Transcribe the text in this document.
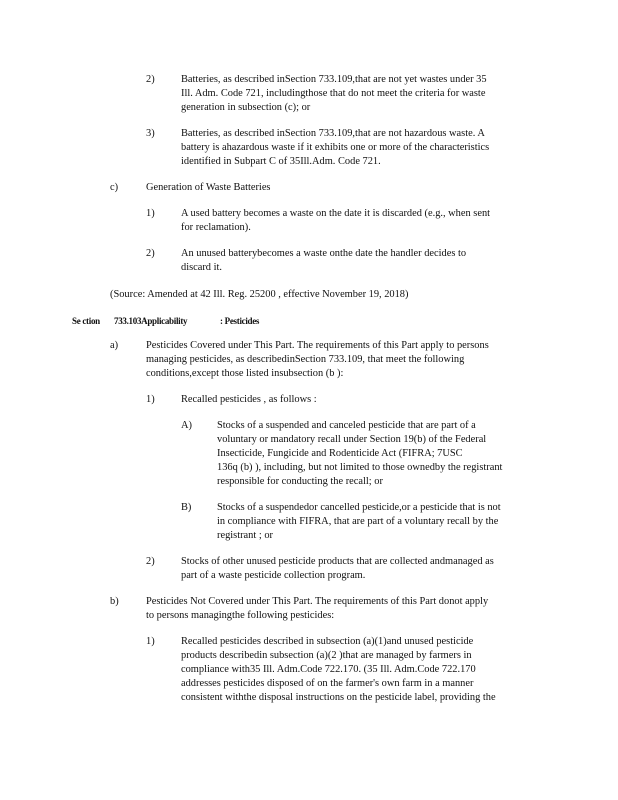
2)	Batteries, as described inSection 733.109,that are not yet wastes under 35
Ill. Adm. Code 721, includingthose that do not meet the criteria for waste
generation in subsection (c); or
3)	Batteries, as described inSection 733.109,that are not hazardous waste. A
battery is ahazardous waste if it exhibits one or more of the characteristics
identified in Subpart C of 35Ill.Adm. Code 721.
c)	Generation of Waste Batteries
1)	A used battery becomes a waste on the date it is discarded (e.g., when sent
for reclamation).
2)	An unused batterybecomes a waste onthe date the handler decides to
discard it.
(Source: Amended at 42 Ill. Reg. 25200 , effective November 19, 2018)
Se ction 733.103Applicability	: Pesticides
a)	Pesticides Covered under This Part. The requirements of this Part apply to persons
managing pesticides, as describedinSection 733.109, that meet the following
conditions,except those listed insubsection (b ):
1)	Recalled pesticides , as follows :
A) Stocks of a suspended and canceled pesticide that are part of a
voluntary or mandatory recall under Section 19(b) of the Federal
Insecticide, Fungicide and Rodenticide Act (FIFRA; 7USC
136q (b) ), including, but not limited to those ownedby the registrant
responsible for conducting the recall; or
B) Stocks of a suspendedor cancelled pesticide,or a pesticide that is not
in compliance with FIFRA, that are part of a voluntary recall by the
registrant ; or
2)	Stocks of other unused pesticide products that are collected andmanaged as
part of a waste pesticide collection program.
b)	Pesticides Not Covered under This Part. The requirements of this Part donot apply
to persons managingthe following pesticides:
1)	Recalled pesticides described in subsection (a)(1)and unused pesticide
products describedin subsection (a)(2 )that are managed by farmers in
compliance with35 Ill. Adm.Code 722.170. (35 Ill. Adm.Code 722.170
addresses pesticides disposed of on the farmer's own farm in a manner
consistent withthe disposal instructions on the pesticide label, providing the
